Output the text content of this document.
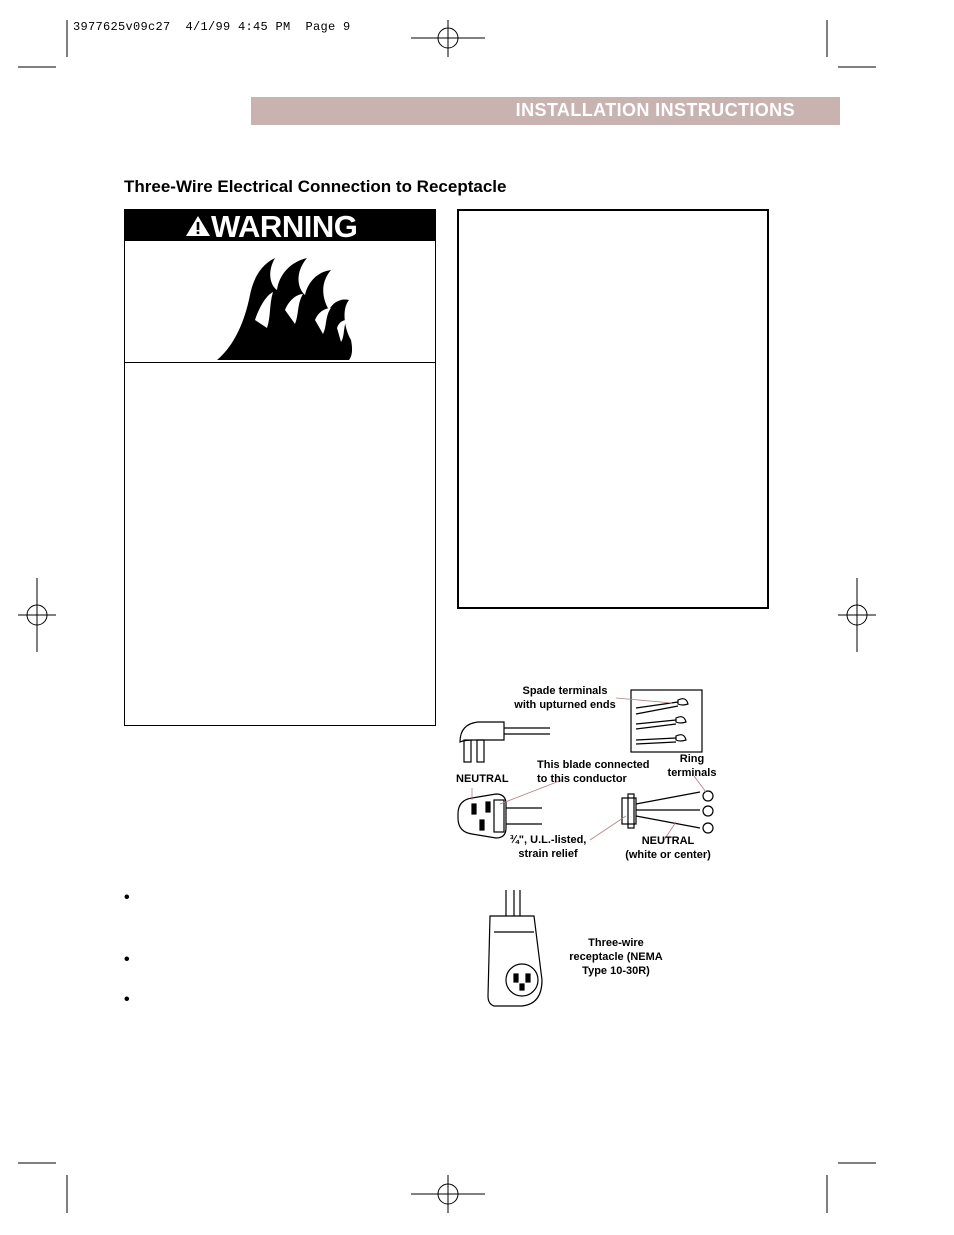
3977625v09c27  4/1/99 4:45 PM  Page 9
INSTALLATION INSTRUCTIONS
Three-Wire Electrical Connection to Receptacle
WARNING
•
•
•
Spade terminals
with upturned ends
Ring
terminals
NEUTRAL
This blade connected
to this conductor
¾", U.L.-listed,
strain relief
NEUTRAL
(white or center)
Three-wire
receptacle (NEMA
Type 10-30R)
